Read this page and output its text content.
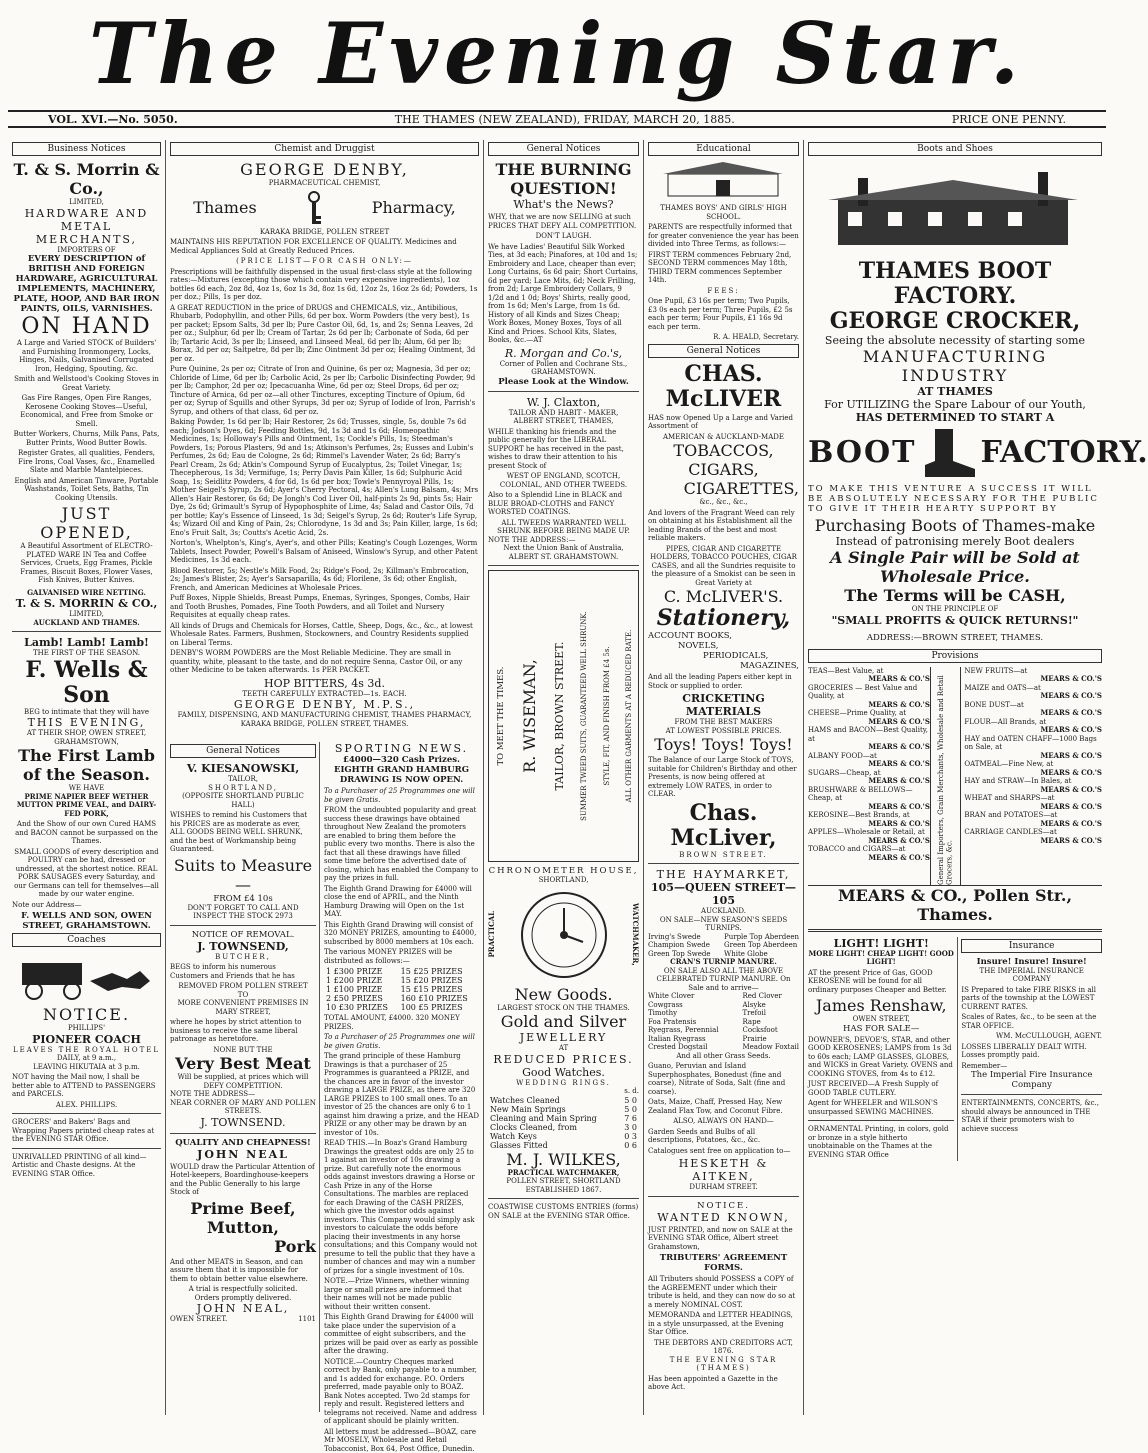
The Evening Star.
VOL. XVI.—No. 5050.	THE THAMES (NEW ZEALAND), FRIDAY, MARCH 20, 1885.	PRICE ONE PENNY.
Business Notices
T. & S. Morrin & Co.,
LIMITED,
HARDWARE AND METAL
MERCHANTS,
IMPORTERS OF
EVERY DESCRIPTION of BRITISH AND FOREIGN HARDWARE, AGRICULTURAL IMPLEMENTS, MACHINERY, PLATE, HOOP, AND BAR IRON PAINTS, OILS, VARNISHES.
ON HAND
A Large and Varied STOCK of Builders' and Furnishing Ironmongery, Locks, Hinges, Nails, Galvanised Corrugated Iron, Hedging, Spouting, &c.

Smith and Wellstood's Cooking Stoves in Great Variety.

Gas Fire Ranges, Open Fire Ranges, Kerosene Cooking Stoves—Useful, Economical, and Free from Smoke or Smell.

Butter Workers, Churns, Milk Pans, Pats, Butter Prints, Wood Butter Bowls.

Register Grates, all qualities, Fenders, Fire Irons, Coal Vases, &c., Enamelled Slate and Marble Mantelpieces.

English and American Tinware, Portable Washstands, Toilet Sets, Baths, Tin Cooking Utensils.

JUST OPENED,
A Beautiful Assortment of ELECTRO-PLATED WARE IN Tea and Coffee Services, Cruets, Egg Frames, Pickle Frames, Biscuit Boxes, Flower Vases, Fish Knives, Butter Knives.
GALVANISED WIRE NETTING.
T. & S. MORRIN & CO.,
LIMITED,
AUCKLAND AND THAMES.
Lamb! Lamb! Lamb!
THE FIRST OF THE SEASON.
F. Wells & Son
BEG to intimate that they will have
THIS EVENING,
AT THEIR SHOP, OWEN STREET, GRAHAMSTOWN,
The First Lamb of the Season.
WE HAVE
PRIME NAPIER BEEF WETHER MUTTON PRIME VEAL, and DAIRY-FED PORK,

And the Show of our own Cured HAMS and BACON cannot be surpassed on the Thames.

SMALL GOODS of every description and POULTRY can be had, dressed or undressed, at the shortest notice. REAL PORK SAUSAGES every Saturday, and our Germans can tell for themselves—all made by our water engine.

Note our Address—

F. WELLS AND SON, OWEN STREET, GRAHAMSTOWN.
Coaches
NOTICE.
PHILLIPS'
PIONEER COACH
LEAVES THE ROYAL HOTEL
DAILY, at 9 a.m.,
LEAVING HIKUTAIA at 3 p.m.

NOT having the Mail now, I shall be better able to ATTEND to PASSENGERS and PARCELS.

ALEX. PHILLIPS.

GROCERS' and Bakers' Bags and Wrapping Papers printed cheap rates at the EVENING STAR Office.

UNRIVALLED PRINTING of all kind—Artistic and Chaste designs. At the EVENING STAR Office.

Chemist and Druggist
GEORGE DENBY,
PHARMACEUTICAL CHEMIST,
Thames	Pharmacy,
KARAKA BRIDGE, POLLEN STREET

MAINTAINS HIS REPUTATION FOR EXCELLENCE OF QUALITY. Medicines and Medical Appliances Sold at Greatly Reduced Prices.

(PRICE LIST—FOR CASH ONLY:—

Prescriptions will be faithfully dispensed in the usual first-class style at the following rates:—Mixtures (excepting those which contain very expensive ingredients), 1oz bottles 6d each, 2oz 8d, 4oz 1s, 6oz 1s 3d, 8oz 1s 6d, 12oz 2s, 16oz 2s 6d; Powders, 1s per doz.; Pills, 1s per doz.

A GREAT REDUCTION in the price of DRUGS and CHEMICALS, viz., Antibilious, Rhubarb, Podophyllin, and other Pills, 6d per box. Worm Powders (the very best), 1s per packet; Epsom Salts, 3d per lb; Pure Castor Oil, 6d, 1s, and 2s; Senna Leaves, 2d per oz.; Sulphur, 6d per lb; Cream of Tartar, 2s 6d per lb; Carbonate of Soda, 6d per lb; Tartaric Acid, 3s per lb; Linseed, and Linseed Meal, 6d per lb; Alum, 6d per lb; Borax, 3d per oz; Saltpetre, 8d per lb; Zinc Ointment 3d per oz; Healing Ointment, 3d per oz.

Pure Quinine, 2s per oz; Citrate of Iron and Quinine, 6s per oz; Magnesia, 3d per oz; Chloride of Lime, 6d per lb; Carbolic Acid, 2s per lb; Carbolic Disinfecting Powder, 9d per lb; Camphor, 2d per oz; Ipecacuanha Wine, 6d per oz; Steel Drops, 6d per oz; Tincture of Arnica, 6d per oz—all other Tinctures, excepting Tincture of Opium, 6d per oz; Syrup of Squills and other Syrups, 3d per oz; Syrup of Iodide of Iron, Parrish's Syrup, and others of that class, 6d per oz.

Baking Powder, 1s 6d per lb; Hair Restorer, 2s 6d; Trusses, single, 5s, double 7s 6d each; Jodson's Dyes, 6d; Feeding Bottles, 9d, 1s 3d and 1s 6d; Homeopathic Medicines, 1s; Holloway's Pills and Ointment, 1s; Cockle's Pills, 1s; Steedman's Powders, 1s; Porous Plasters, 9d and 1s; Atkinson's Perfumes, 2s; Eusses and Lubin's Perfumes, 2s 6d; Eau de Cologne, 2s 6d; Rimmel's Lavender Water, 2s 6d; Barry's Pearl Cream, 2s 6d; Atkin's Compound Syrup of Eucalyptus, 2s; Toilet Vinegar, 1s; Thecepherous, 1s 3d; Vermifuge, 1s; Perry Davis Pain Killer, 1s 6d; Sulphuric Acid Soap, 1s; Seidlitz Powders, 4 for 6d, 1s 6d per box; Towle's Pennyroyal Pills, 1s; Mother Seigel's Syrup, 2s 6d; Ayer's Cherry Pectoral, 4s; Allen's Lung Balsam, 4s; Mrs Allen's Hair Restorer, 6s 6d; De Jongh's Cod Liver Oil, half-pints 2s 9d, pints 5s; Hair Dye, 2s 6d; Grimault's Syrup of Hypophosphite of Lime, 4s; Salad and Castor Oils, 7d per bottle; Kay's Essence of Linseed, 1s 3d; Seigel's Syrup, 2s 6d; Router's Life Syrup, 4s; Wizard Oil and King of Pain, 2s; Chlorodyne, 1s 3d and 3s; Pain Killer, large, 1s 6d; Eno's Fruit Salt, 3s; Coutts's Acetic Acid, 2s.

Norton's, Whelpton's, King's, Ayer's, and other Pills; Keating's Cough Lozenges, Worm Tablets, Insect Powder, Powell's Balsam of Aniseed, Winslow's Syrup, and other Patent Medicines, 1s 3d each.

Blood Restorer, 5s; Nestle's Milk Food, 2s; Ridge's Food, 2s; Killman's Embrocation, 2s; James's Blister, 2s; Ayer's Sarsaparilla, 4s 6d; Florilene, 3s 6d; other English, French, and American Medicines at Wholesale Prices.

Puff Boxes, Nipple Shields, Breast Pumps, Enemas, Syringes, Sponges, Combs, Hair and Tooth Brushes, Pomades, Fine Tooth Powders, and all Toilet and Nursery Requisites at equally cheap rates.

All kinds of Drugs and Chemicals for Horses, Cattle, Sheep, Dogs, &c., &c., at lowest Wholesale Rates. Farmers, Bushmen, Stockowners, and Country Residents supplied on Liberal Terms.

DENBY'S WORM POWDERS are the Most Reliable Medicine. They are small in quantity, white, pleasant to the taste, and do not require Senna, Castor Oil, or any other Medicine to be taken afterwards. 1s PER PACKET.

HOP BITTERS, 4s 3d.
TEETH CAREFULLY EXTRACTED—1s. EACH.
GEORGE DENBY, M.P.S.,
FAMILY, DISPENSING, AND MANUFACTURING CHEMIST, THAMES PHARMACY,
KARAKA BRIDGE, POLLEN STREET, THAMES.
General Notices
V. KIESANOWSKI,
TAILOR,
SHORTLAND,
(OPPOSITE SHORTLAND PUBLIC HALL)

WISHES to remind his Customers that his PRICES are as moderate as ever, ALL GOODS BEING WELL SHRUNK, and the best of Workmanship being Guaranteed.

Suits to Measure—
FROM £4 10s
DON'T FORGET TO CALL AND INSPECT THE STOCK 2973
NOTICE OF REMOVAL.
J. TOWNSEND,
BUTCHER,

BEGS to inform his numerous Customers and Friends that he has

REMOVED FROM POLLEN STREET
TO
MORE CONVENIENT PREMISES IN MARY STREET,

where he hopes by strict attention to business to receive the same liberal patronage as heretofore.

NONE BUT THE
Very Best Meat
Will be supplied, at prices which will DEFY COMPETITION.
NOTE THE ADDRESS—
NEAR CORNER OF MARY AND POLLEN STREETS.
J. TOWNSEND.
QUALITY AND CHEAPNESS!
JOHN NEAL

WOULD draw the Particular Attention of Hotel-keepers, Boardinghouse-keepers and the Public Generally to his large Stock of

Prime Beef,
Mutton,
Pork

And other MEATS in Season, and can assure them that it is impossible for them to obtain better value elsewhere.

A trial is respectfully solicited.
Orders promptly delivered.
JOHN NEAL,
OWEN STREET.	1101
SPORTING NEWS.
£4000—320 Cash Prizes.
EIGHTH GRAND HAMBURG DRAWING IS NOW OPEN.

To a Purchaser of 25 Programmes one will be given Gratis.

FROM the undoubted popularity and great success these drawings have obtained throughout New Zealand the promoters are enabled to bring them before the public every two months. There is also the fact that all these drawings have filled some time before the advertised date of closing, which has enabled the Company to pay the prizes in full.

The Eighth Grand Drawing for £4000 will close the end of APRIL, and the Ninth Hamburg Drawing will Open on the 1st MAY.

This Eighth Grand Drawing will consist of 320 MONEY PRIZES, amounting to £4000, subscribed by 8000 members at 10s each.

The various MONEY PRIZES will be distributed as follows:—

1 £300 PRIZE	15 £25 PRIZES
1 £200 PRIZE	15 £20 PRIZES
1 £100 PRIZE	15 £15 PRIZES
2 £50 PRIZES	160 £10 PRIZES
10 £30 PRIZES	100 £5 PRIZES

TOTAL AMOUNT, £4000. 320 MONEY PRIZES.

To a Purchaser of 25 Programmes one will be given Gratis.

The grand principle of these Hamburg Drawings is that a purchaser of 25 Programmes is guaranteed a PRIZE, and the chances are in favor of the investor drawing a LARGE PRIZE, as there are 320 LARGE PRIZES to 100 small ones. To an investor of 25 the chances are only 6 to 1 against him drawing a prize, and the HEAD PRIZE or any other may be drawn by an investor of 10s.

READ THIS.—In Boaz's Grand Hamburg Drawings the greatest odds are only 25 to 1 against an investor of 10s drawing a prize. But carefully note the enormous odds against investors drawing a Horse or Cash Prize in any of the Horse Consultations. The marbles are replaced for each Drawing of the CASH PRIZES, which give the investor odds against investors. This Company would simply ask investors to calculate the odds before placing their investments in any horse consultations; and this Company would not presume to tell the public that they have a number of chances and may win a number of prizes for a single investment of 10s.

NOTE.—Prize Winners, whether winning large or small prizes are informed that their names will not be made public without their written consent.

This Eighth Grand Drawing for £4000 will take place under the supervision of a committee of eight subscribers, and the prizes will be paid over as early as possible after the drawing.

NOTICE.—Country Cheques marked correct by Bank, only payable to a number, and 1s added for exchange. P.O. Orders preferred, made payable only to BOAZ. Bank Notes accepted. Two 2d stamps for reply and result. Registered letters and telegrams not received. Name and address of applicant should be plainly written.

All letters must be addressed—BOAZ, care Mr MOSELY, Wholesale and Retail Tobacconist, Box 64, Post Office, Dunedin.

General Notices
THE BURNING QUESTION!
What's the News?

WHY, that we are now SELLING at such PRICES THAT DEFY ALL COMPETITION.

DON'T LAUGH.

We have Ladies' Beautiful Silk Worked Ties, at 3d each; Pinafores, at 10d and 1s; Embroidery and Lace, cheaper than ever; Long Curtains, 6s 6d pair; Short Curtains, 6d per yard; Lace Mits, 6d; Neck Frilling, from 2d; Large Embroidery Collars, 9 1/2d and 1 0d; Boys' Shirts, really good, from 1s 6d; Men's Large, from 1s 6d. History of all Kinds and Sizes Cheap; Work Boxes, Money Boxes, Toys of all Kind and Prices. School Kits, Slates, Books, &c.—AT

R. Morgan and Co.'s,
Corner of Pollen and Cochrane Sts., GRAHAMSTOWN.
Please Look at the Window.
W. J. Claxton,
TAILOR AND HABIT - MAKER,
ALBERT STREET, THAMES,

WHILE thanking his friends and the public generally for the LIBERAL SUPPORT he has received in the past, wishes to draw their attention to his present Stock of

WEST OF ENGLAND, SCOTCH, COLONIAL, AND OTHER TWEEDS.

Also to a Splendid Line in BLACK and BLUE BROAD-CLOTHS and FANCY WORSTED COATINGS.

ALL TWEEDS WARRANTED WELL SHRUNK BEFORE BEING MADE UP.
NOTE THE ADDRESS:—
Next the Union Bank of Australia, ALBERT ST. GRAHAMSTOWN.
TO MEET THE TIMES. R. WISEMAN, TAILOR, BROWN STREET. SUMMER TWEED SUITS, GUARANTEED WELL SHRUNK. STYLE, FIT, AND FINISH FROM £4 5s. ALL OTHER GARMENTS AT A REDUCED RATE.
CHRONOMETER HOUSE,
SHORTLAND,
PRACTICAL	WATCHMAKER,
New Goods.
LARGEST STOCK ON THE THAMES.
Gold and Silver
JEWELLERY
AT
REDUCED PRICES.
Good Watches.
WEDDING RINGS.
s. d.
Watches Cleaned	5 0
New Main Springs	5 0
Cleaning and Main Spring	7 6
Clocks Cleaned, from	3 0
Watch Keys	0 3
Glasses Fitted	0 6
M. J. WILKES,
PRACTICAL WATCHMAKER,
POLLEN STREET, SHORTLAND
ESTABLISHED 1867.

COASTWISE CUSTOMS ENTRIES (forms) ON SALE at the EVENING STAR Office.

Educational
THAMES BOYS' AND GIRLS' HIGH SCHOOL.

PARENTS are respectfully informed that for greater convenience the year has been divided into Three Terms, as follows:—

FIRST TERM commences February 2nd, SECOND TERM commences May 18th, THIRD TERM commences September 14th.

FEES:

One Pupil, £3 16s per term; Two Pupils, £3 0s each per term; Three Pupils, £2 5s each per term; Four Pupils, £1 16s 9d each per term.

R. A. HEALD, Secretary.
General Notices
CHAS. McLIVER

HAS now Opened Up a Large and Varied Assortment of

AMERICAN & AUCKLAND-MADE
TOBACCOS,
CIGARS,
CIGARETTES,
&c., &c., &c.,

And lovers of the Fragrant Weed can rely on obtaining at his Establishment all the leading Brands of the best and most reliable makers.

PIPES, CIGAR AND CIGARETTE HOLDERS, TOBACCO POUCHES, CIGAR CASES, and all the Sundries requisite to the pleasure of a Smokist can be seen in Great Variety at
C. McLIVER'S.
Stationery,
ACCOUNT BOOKS,
NOVELS,
PERIODICALS,
MAGAZINES,

And all the leading Papers either kept in Stock or supplied to order.

CRICKETING MATERIALS
FROM THE BEST MAKERS
AT LOWEST POSSIBLE PRICES.
Toys! Toys! Toys!

The Balance of our Large Stock of TOYS, suitable for Children's Birthday and other Presents, is now being offered at extremely LOW RATES, in order to CLEAR.

Chas. McLiver,
BROWN STREET.
THE HAYMARKET,
105—QUEEN STREET—105
AUCKLAND.
ON SALE—NEW SEASON'S SEEDS
TURNIPS.
Irving's Swede
Champion Swede
Green Top Swede
Purple Top Aberdeen
Green Top Aberdeen
White Globe
CRAN'S TURNIP MANURE.
ON SALE ALSO ALL THE ABOVE CELEBRATED TURNIP MANURE. On Sale and to arrive—
White Clover
Cowgrass
Timothy
Foa Pratensis
Ryegrass, Perennial
Italian Ryegrass
Crested Dogstail
Red Clover
Alsyke
Trefoil
Rape
Cocksfoot
Prairie
Meadow Foxtail
And all other Grass Seeds.

Guano, Peruvian and Island Superphosphates, Bonedust (fine and coarse), Nitrate of Soda, Salt (fine and coarse).

Oats, Maize, Chaff, Pressed Hay, New Zealand Flax Tow, and Coconut Fibre.

ALSO, ALWAYS ON HAND—

Garden Seeds and Bulbs of all descriptions, Potatoes, &c., &c.

Catalogues sent free on application to—

HESKETH & AITKEN,
DURHAM STREET.
NOTICE.
WANTED KNOWN,

JUST PRINTED, and now on SALE at the EVENING STAR Office, Albert street Grahamstown,

TRIBUTERS' AGREEMENT FORMS.

All Tributers should POSSESS a COPY of the AGREEMENT under which their tribute is held, and they can now do so at a merely NOMINAL COST.

MEMORANDA and LETTER HEADINGS, in a style unsurpassed, at the Evening Star Office.

THE DEBTORS AND CREDITORS ACT, 1876.
THE EVENING STAR (THAMES)

Has been appointed a Gazette in the above Act.

Boots and Shoes
THAMES BOOT FACTORY.
GEORGE CROCKER,
Seeing the absolute necessity of starting some
MANUFACTURING INDUSTRY
AT THAMES
For UTILIZING the Spare Labour of our Youth,
HAS DETERMINED TO START A
BOOT FACTORY.

TO MAKE THIS VENTURE A SUCCESS IT WILL BE ABSOLUTELY NECESSARY FOR THE PUBLIC TO GIVE IT THEIR HEARTY SUPPORT BY

Purchasing Boots of Thames-make
Instead of patronising merely Boot dealers
A Single Pair will be Sold at Wholesale Price.
The Terms will be CASH,
ON THE PRINCIPLE OF
"SMALL PROFITS & QUICK RETURNS!"
ADDRESS:—BROWN STREET, THAMES.
Provisions
TEAS—Best Value, at
MEARS & CO.'S
GROCERIES — Best Value and Quality, at
MEARS & CO.'S
CHEESE—Prime Quality, at
MEARS & CO.'S
HAMS and BACON—Best Quality, at
MEARS & CO.'S
ALBANY FOOD—at
MEARS & CO.'S
SUGARS—Cheap, at
MEARS & CO.'S
BRUSHWARE & BELLOWS—Cheap, at
MEARS & CO.'S
KEROSINE—Best Brands, at
MEARS & CO.'S
APPLES—Wholesale or Retail, at
MEARS & CO.'S
TOBACCO and CIGARS—at
MEARS & CO.'S General Importers, Grain Merchants, Wholesale and Retail Grocers, &c.
NEW FRUITS—at
MEARS & CO.'S
MAIZE and OATS—at
MEARS & CO.'S
BONE DUST—at
MEARS & CO.'S
FLOUR—All Brands, at
MEARS & CO.'S
HAY and OATEN CHAFF—1000 Bags on Sale, at
MEARS & CO.'S
OATMEAL—Fine New, at
MEARS & CO.'S
HAY and STRAW—In Bales, at
MEARS & CO.'S
WHEAT and SHARPS—at
MEARS & CO.'S
BRAN and POTATOES—at
MEARS & CO.'S
CARRIAGE CANDLES—at
MEARS & CO.'S
MEARS & CO., Pollen Str., Thames.
LIGHT! LIGHT!
MORE LIGHT! CHEAP LIGHT! GOOD LIGHT!

AT the present Price of Gas, GOOD KEROSENE will be found for all ordinary purposes Cheaper and Better.

James Renshaw,
OWEN STREET,
HAS FOR SALE—

DOWNER'S, DEVOE'S, STAR, and other GOOD KEROSENES; LAMPS from 1s 3d to 60s each; LAMP GLASSES, GLOBES, and WICKS in Great Variety. OVENS and COOKING STOVES, from 4s to £12.

JUST RECEIVED—A Fresh Supply of GOOD TABLE CUTLERY.

Agent for WHEELER and WILSON'S unsurpassed SEWING MACHINES.

ORNAMENTAL Printing, in colors, gold or bronze in a style hitherto unobtainable on the Thames at the EVENING STAR Office

Insurance
Insure! Insure! Insure!
THE IMPERIAL INSURANCE COMPANY

IS Prepared to take FIRE RISKS in all parts of the township at the LOWEST CURRENT RATES.

Scales of Rates, &c., to be seen at the STAR OFFICE.

WM. McCULLOUGH, AGENT.

LOSSES LIBERALLY DEALT WITH. Losses promptly paid.

Remember—
The Imperial Fire Insurance Company

ENTERTAINMENTS, CONCERTS, &c., should always be announced in THE STAR if their promoters wish to achieve success
